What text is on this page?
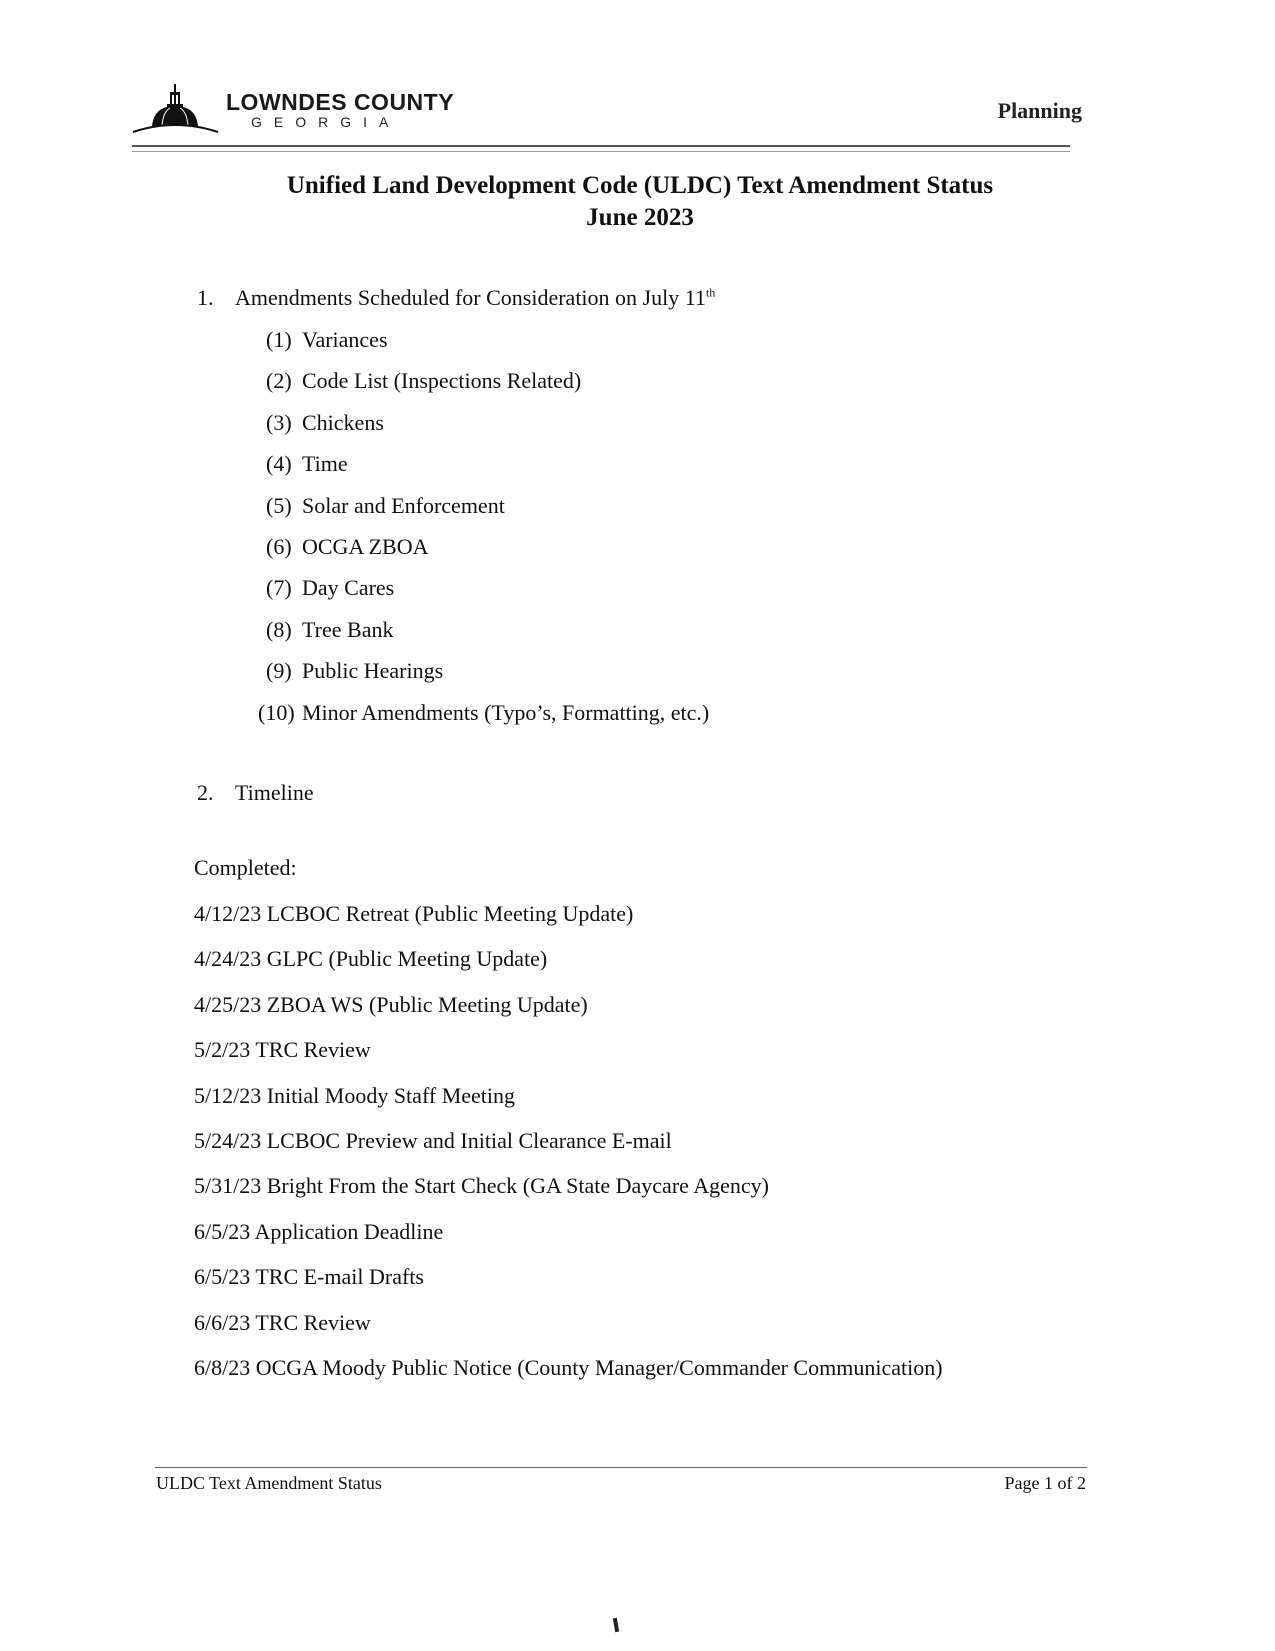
LOWNDES COUNTY
GEORGIA	Planning
Unified Land Development Code (ULDC) Text Amendment Status
June 2023
1. Amendments Scheduled for Consideration on July 11th
(1) Variances
(2) Code List (Inspections Related)
(3) Chickens
(4) Time
(5) Solar and Enforcement
(6) OCGA ZBOA
(7) Day Cares
(8) Tree Bank
(9) Public Hearings
(10) Minor Amendments (Typo’s, Formatting, etc.)
2. Timeline
Completed:
4/12/23 LCBOC Retreat (Public Meeting Update)
4/24/23 GLPC (Public Meeting Update)
4/25/23 ZBOA WS (Public Meeting Update)
5/2/23 TRC Review
5/12/23 Initial Moody Staff Meeting
5/24/23 LCBOC Preview and Initial Clearance E-mail
5/31/23 Bright From the Start Check (GA State Daycare Agency)
6/5/23 Application Deadline
6/5/23 TRC E-mail Drafts
6/6/23 TRC Review
6/8/23 OCGA Moody Public Notice (County Manager/Commander Communication)
ULDC Text Amendment Status	Page 1 of 2
